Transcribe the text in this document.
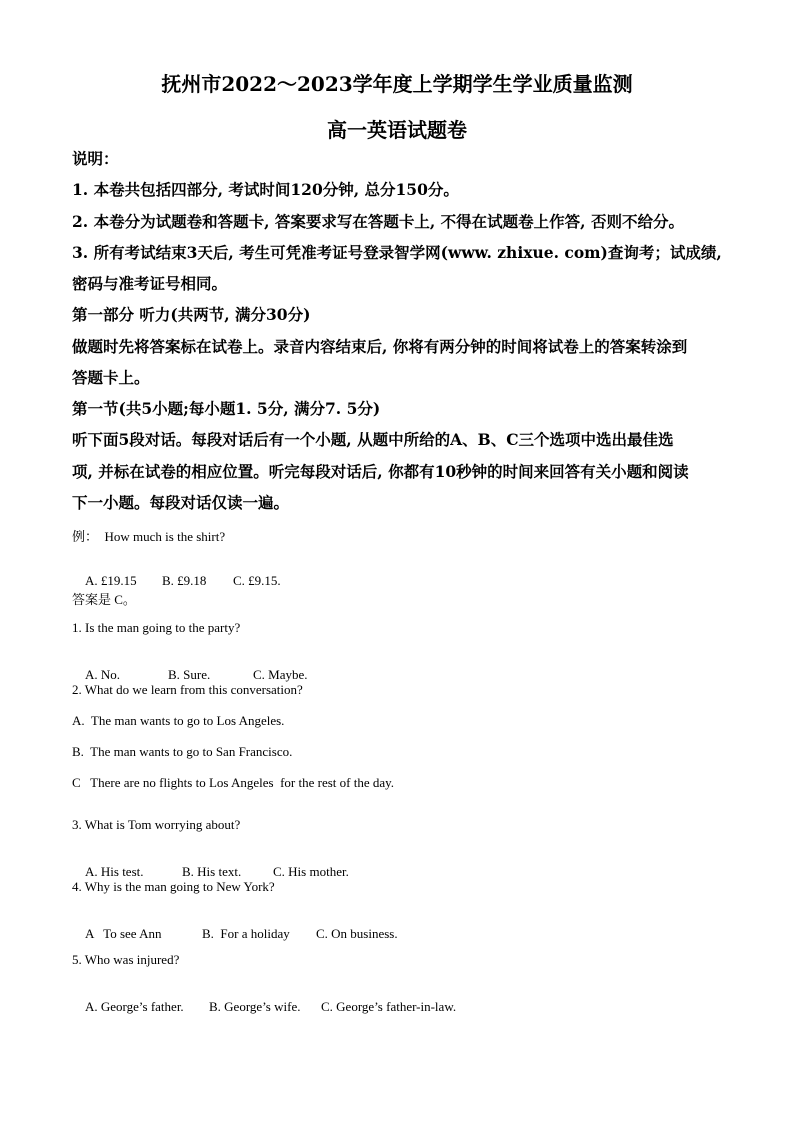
抚州市2022～2023学年度上学期学生学业质量监测
高一英语试题卷
说明：
1. 本卷共包括四部分, 考试时间120分钟, 总分150分。
2. 本卷分为试题卷和答题卡, 答案要求写在答题卡上, 不得在试题卷上作答, 否则不给分。
3. 所有考试结束3天后, 考生可凭准考证号登录智学网(www. zhixue. com)查询考；试成绩,
密码与准考证号相同。
第一部分 听力(共两节, 满分30分)
做题时先将答案标在试卷上。录音内容结束后, 你将有两分钟的时间将试卷上的答案转涂到
答题卡上。
第一节(共5小题;每小题1. 5分, 满分7. 5分)
听下面5段对话。每段对话后有一个小题, 从题中所给的A、B、C三个选项中选出最佳选
项, 并标在试卷的相应位置。听完每段对话后, 你都有10秒钟的时间来回答有关小题和阅读
下一小题。每段对话仅读一遍。
例：  How much is the shirt?

A. £19.15 B. £9.18 C. £9.15.

答案是 C。
1. Is the man going to the party?

A. No.	B. Sure.	C. Maybe.

2. What do we learn from this conversation?
A.  The man wants to go to Los Angeles.
B.  The man wants to go to San Francisco.
C   There are no flights to Los Angeles  for the rest of the day.
3. What is Tom worrying about?

A. His test.	B. His text. C. His mother.

4. Why is the man going to New York?

A   To see Ann	B.  For a holiday C. On business.

5. Who was injured?

A. George’s father. B. George’s wife. C. George’s father-in-law.
